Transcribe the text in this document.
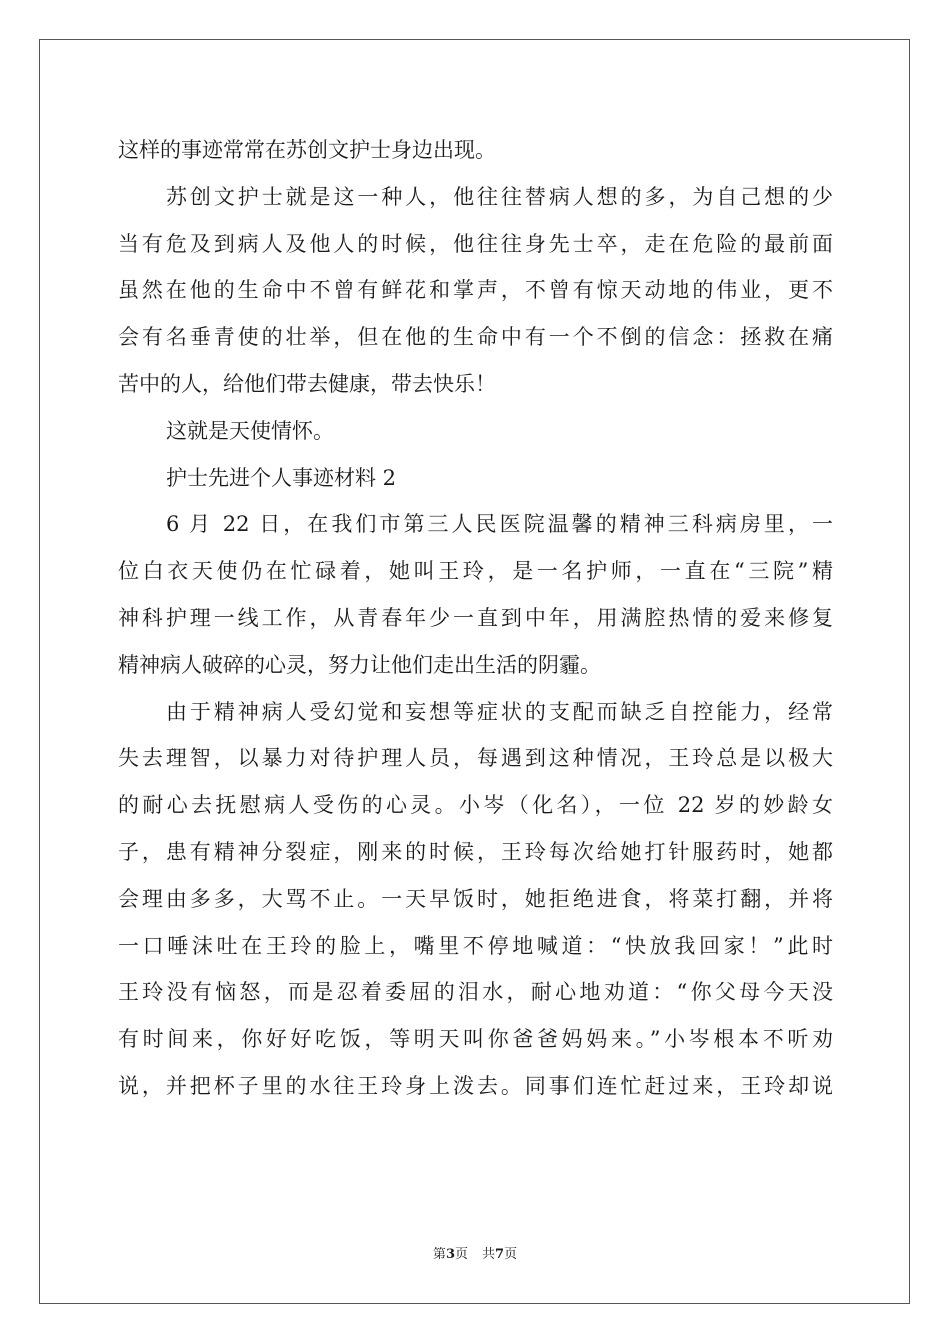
这样的事迹常常在苏创文护士身边出现。
苏创文护士就是这一种人，他往往替病人想的多，为自己想的少
当有危及到病人及他人的时候，他往往身先士卒，走在危险的最前面
虽然在他的生命中不曾有鲜花和掌声，不曾有惊天动地的伟业，更不
会有名垂青使的壮举，但在他的生命中有一个不倒的信念：拯救在痛
苦中的人，给他们带去健康，带去快乐！
这就是天使情怀。
护士先进个人事迹材料 2
6 月 22 日，在我们市第三人民医院温馨的精神三科病房里，一
位白衣天使仍在忙碌着，她叫王玲，是一名护师，一直在“三院”精
神科护理一线工作，从青春年少一直到中年，用满腔热情的爱来修复
精神病人破碎的心灵，努力让他们走出生活的阴霾。
由于精神病人受幻觉和妄想等症状的支配而缺乏自控能力，经常
失去理智，以暴力对待护理人员，每遇到这种情况，王玲总是以极大
的耐心去抚慰病人受伤的心灵。小岑（化名），一位 22 岁的妙龄女
子，患有精神分裂症，刚来的时候，王玲每次给她打针服药时，她都
会理由多多，大骂不止。一天早饭时，她拒绝进食，将菜打翻，并将
一口唾沫吐在王玲的脸上，嘴里不停地喊道：“快放我回家！”此时
王玲没有恼怒，而是忍着委屈的泪水，耐心地劝道：“你父母今天没
有时间来，你好好吃饭，等明天叫你爸爸妈妈来。”小岑根本不听劝
说，并把杯子里的水往王玲身上泼去。同事们连忙赶过来，王玲却说
第3页 共7页
